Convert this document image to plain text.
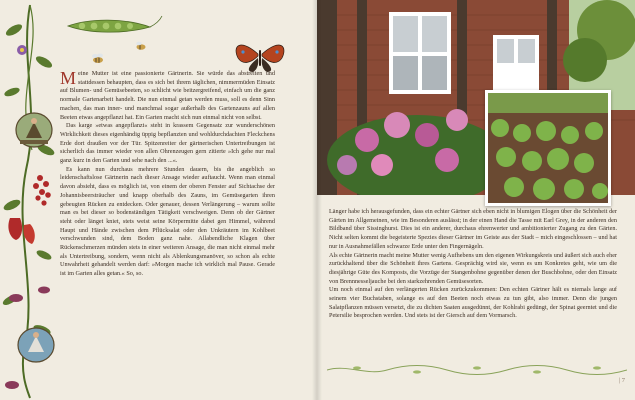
Meine Mutter ist eine passionierte Gärtnerin. Sie würde das abstreiten und stattdessen behaupten, dass es sich bei ihrem täglichen, nimmermüden Einsatz auf Blumen- und Gemüsebeeten, so schlicht wie beitzergreifend, einfach um die ganz normale Gartenarbeit handelt. Die nun einmal getan werden muss, soll es denn Sinn machen, das man inner- und manchmal sogar außerhalb des Gartenzauns auf allen Beeten etwas angepflanzt hat. Ein Garten macht sich nun einmal nicht von selbst.

Das karge »etwas angepflanzt« steht in krassem Gegensatz zur wunderschönen Wirklichkeit dieses eigenhändig üppig bepflanzten und wohldurchdachten Fleckchens Erde dort draußen vor der Tür. Spitzenreiter der gärtnerischen Untertreibungen ist sicherlich das immer wieder von allen Ohrenzeugen gern zitierte »Ich gehe nur mal ganz kurz in den Garten und sehe nach den ...«.

Es kann nun durchaus mehrere Stunden dauern, bis die angeblich so leidenschaftslose Gärtnerin nach dieser Ansage wieder auftaucht. Wenn man einmal davon absieht, dass es möglich ist, von einem der oberen Fenster auf Sichtachse der Johannisbeersträucher und knapp oberhalb des Zauns, im Gemüsegarten ihren gebeugten Rücken zu entdecken. Oder genauer, dessen Verlängerung – warum sollte man es bei dieser so bodenständigen Tätigkeit verschweigen. Denn ob der Gärtner steht oder länget kniet, stets weist seine Körpermitte dabei gen Himmel, während Haupt und Hände zwischen dem Pflücksalat oder den Unkräutern im Kohlbeet verschwunden sind, dem Boden ganz nahe. Allabendliche Klagen über Rückenschmerzen münden stets in einer weiteren Ansage, die man nicht einmal mehr als Untertreibung, sondern, wenn nicht als Ablenkungsmanöver, so schon als echte Unwahrheit gehandelt werden darf: »Morgen mache ich wirklich mal Pause. Gerade ist im Garten alles getan.« So, so.

Länger habe ich herausgefunden, dass ein echter Gärtner sich eben nicht in blumigen Elogen über die Schönheit der Gärten im Allgemeinen, wie im Besonderen auslässt; in der einen Hand die Tasse mit Earl Grey, in der anderen den Bildband über Sissinghurst. Dies ist ein anderer, durchaus ehrenwerter und ambitionierter Zugang zu den Gärten. Nicht selten kommt die begeisterte Spezies dieser Gärtner im Geiste aus der Stadt – mich eingeschlossen – und hat nur in Ausnahmefällen schwarze Erde unter den Fingernägeln.

Als echte Gärtnerin macht meine Mutter wenig Aufhebens um den eigenen Wirkungskreis und äußert sich auch eher zurückhaltend über die Schönheit ihres Gartens. Gesprächig wird sie, wenn es um Konkretes geht, wie um die diesjährige Güte des Komposts, die Vorzüge der Stangenbohne gegenüber denen der Buschbohne, oder den Einsatz von Brennnesseljauche bei den starkzehrenden Gemüsesorten.

Um noch einmal auf den verlängerten Rücken zurückzukommen: Den echten Gärtner hält es niemals lange auf seinem vier Buchstaben, solange es auf den Beeten noch etwas zu tun gibt, also immer. Denn die jungen Salatpflanzen müssen versetzt, die zu dichten Saaten ausgedünnt, der Kohlrabi gedüngt, der Spinat geerntet und die Petersilie besprochen werden. Und stets ist der Giersch auf dem Vormarsch.

| 7
